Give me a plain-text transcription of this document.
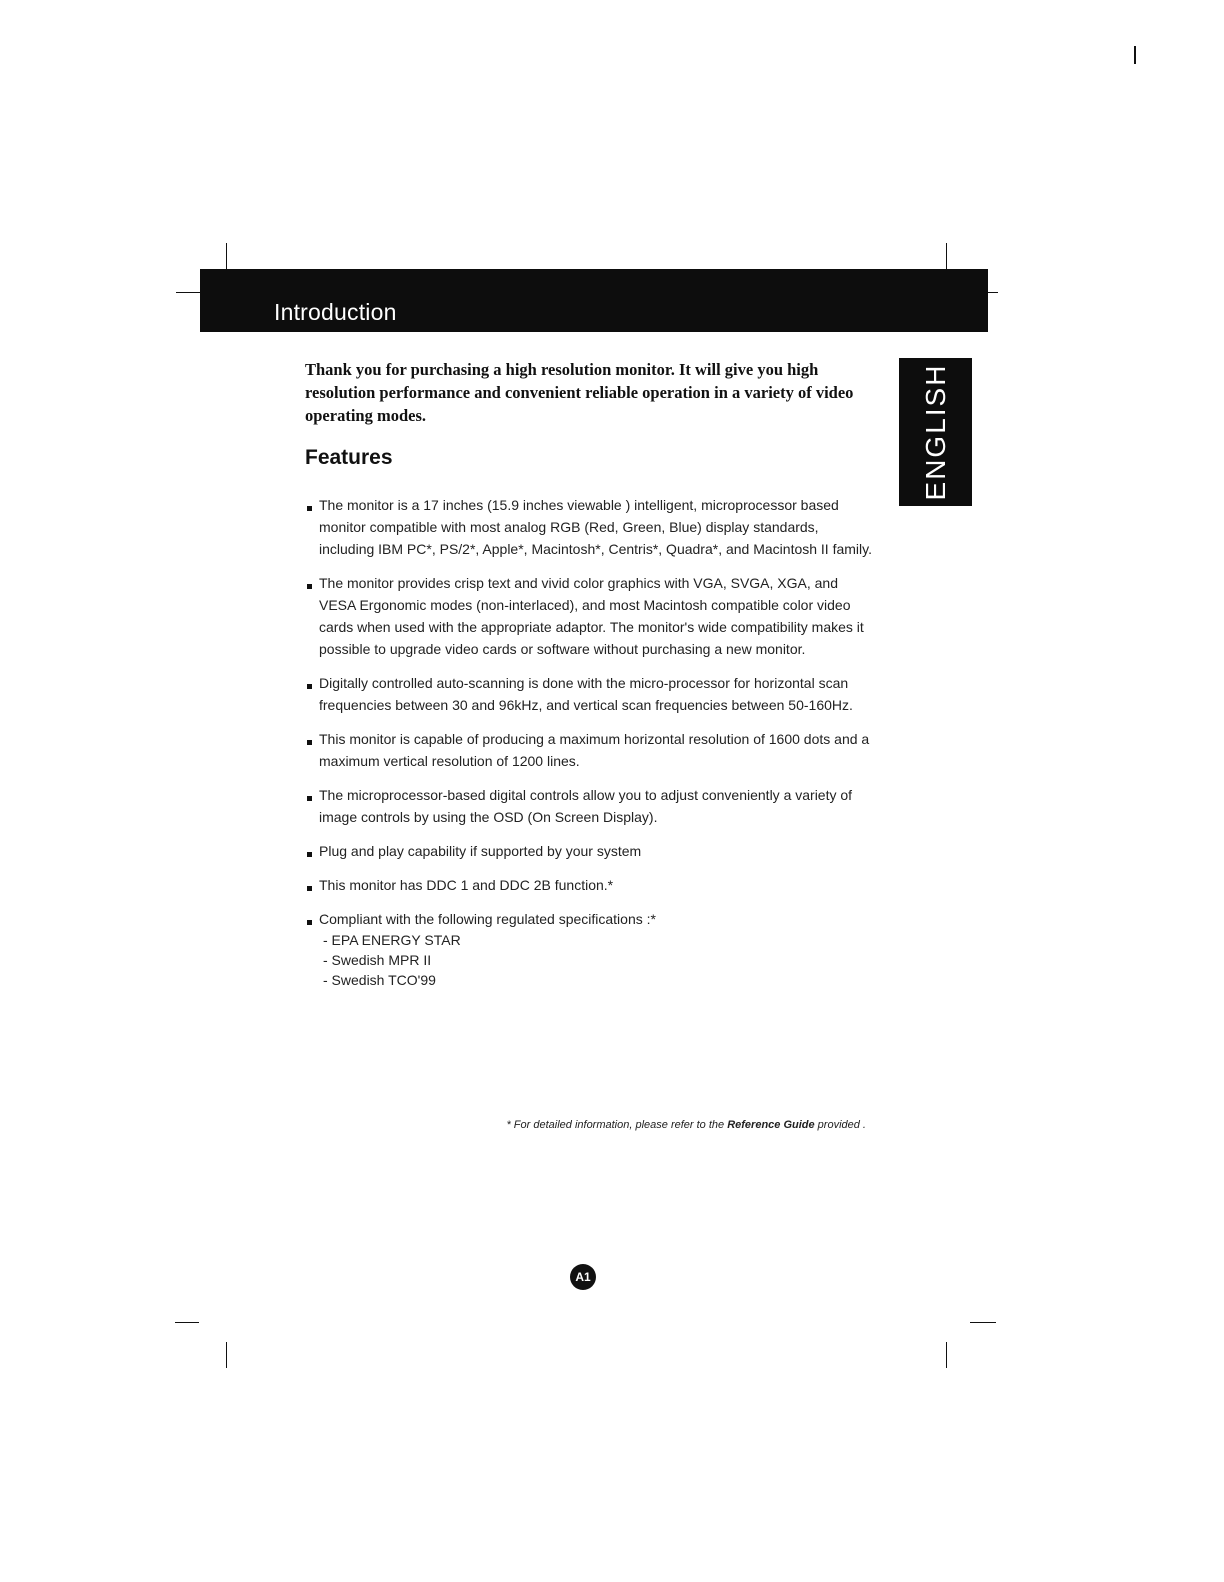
Introduction
ENGLISH
Thank you for purchasing a high resolution monitor. It will give you high resolution performance and convenient reliable operation in a variety of video operating modes.
Features
The monitor is a 17 inches (15.9 inches viewable ) intelligent, microprocessor based monitor compatible with most analog RGB (Red, Green, Blue) display standards, including IBM PC*, PS/2*, Apple*, Macintosh*, Centris*, Quadra*, and Macintosh II family.
The monitor provides crisp text and vivid color graphics with VGA, SVGA, XGA, and VESA Ergonomic modes (non-interlaced), and most Macintosh compatible color video cards when used with the appropriate adaptor. The monitor's wide compatibility makes it possible to upgrade video cards or software without purchasing a new monitor.
Digitally controlled auto-scanning is done with the micro-processor for horizontal scan frequencies between 30 and 96kHz, and vertical scan frequencies between 50-160Hz.
This monitor is capable of producing a maximum horizontal resolution of 1600 dots and a maximum vertical resolution of 1200 lines.
The microprocessor-based digital controls allow you to adjust conveniently a variety of image controls by using the OSD (On Screen Display).
Plug and play capability if supported by your system
This monitor has DDC 1 and DDC 2B function.*
Compliant with the following regulated specifications :*
- EPA ENERGY STAR
- Swedish MPR II
- Swedish TCO'99
* For detailed information, please refer to the Reference Guide provided .
A1
